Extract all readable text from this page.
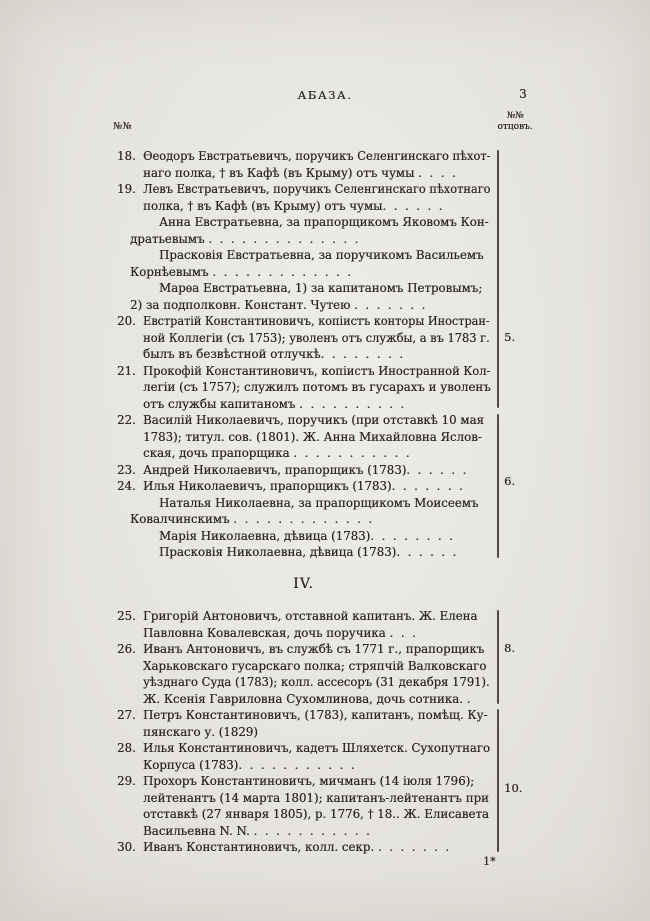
АБАЗА.	3
№№
№№
отцовъ.
18. Ѳеодоръ Евстратьевичъ, поручикъ Селенгинскаго пѣхот-
наго полка, † въ Кафѣ (въ Крыму) отъ чумы .  .  .  .
19. Левъ Евстратьевичъ, поручикъ Селенгинскаго пѣхотнаго
полка, † въ Кафѣ (въ Крыму) отъ чумы.  .  .  .  .  .
Анна Евстратьевна, за прапорщикомъ Яковомъ Кон-
дратьевымъ .  .  .  .  .  .  .  .  .  .  .  .  .  .
Прасковія Евстратьевна, за поручикомъ Васильемъ
Корнѣевымъ .  .  .  .  .  .  .  .  .  .  .  .  .
Марѳа Евстратьевна, 1) за капитаномъ Петровымъ;
2) за подполковн. Констант. Чутею .  .  .  .  .  .  .
20. Евстратій Константиновичъ, копіистъ конторы Иностран-
ной Коллегіи (съ 1753); уволенъ отъ службы, а въ 1783 г.
былъ въ безвѣстной отлучкѣ.  .  .  .  .  .  .  .
21. Прокофій Константиновичъ, копіистъ Иностранной Кол-
легіи (съ 1757); служилъ потомъ въ гусарахъ и уволенъ
отъ службы капитаномъ .  .  .  .  .  .  .  .  .  .
22. Василій Николаевичъ, поручикъ (при отставкѣ 10 мая
1783); титул. сов. (1801). Ж. Анна Михайловна Яслов-
ская, дочь прапорщика .  .  .  .  .  .  .  .  .  .  .
23. Андрей Николаевичъ, прапорщикъ (1783).  .  .  .  .  .
24. Илья Николаевичъ, прапорщикъ (1783).  .  .  .  .  .  .
Наталья Николаевна, за прапорщикомъ Моисеемъ
Ковалчинскимъ .  .  .  .  .  .  .  .  .  .  .  .  .
Марія Николаевна, дѣвица (1783).  .  .  .  .  .  .  .
Прасковія Николаевна, дѣвица (1783).  .  .  .  .  .
IV.
25. Григорій Антоновичъ, отставной капитанъ. Ж. Елена
Павловна Ковалевская, дочь поручика .  .  .
26. Иванъ Антоновичъ, въ службѣ съ 1771 г., прапорщикъ
Харьковскаго гусарскаго полка; стряпчій Валковскаго
уѣзднаго Суда (1783); колл. ассесоръ (31 декабря 1791).
Ж. Ксенія Гавриловна Сухомлинова, дочь сотника. .
27. Петръ Константиновичъ, (1783), капитанъ, помѣщ. Ку-
пянскаго у. (1829)
28. Илья Константиновичъ, кадетъ Шляхетск. Сухопутнаго
Корпуса (1783).  .  .  .  .  .  .  .  .  .  .
29. Прохоръ Константиновичъ, мичманъ (14 іюля 1796);
лейтенантъ (14 марта 1801); капитанъ-лейтенантъ при
отставкѣ (27 января 1805), р. 1776, † 18.. Ж. Елисавета
Васильевна N. N. .  .  .  .  .  .  .  .  .  .  .
30. Иванъ Константиновичъ, колл. секр. .  .  .  .  .  .  .
5.
6.
8.
10.
1*
